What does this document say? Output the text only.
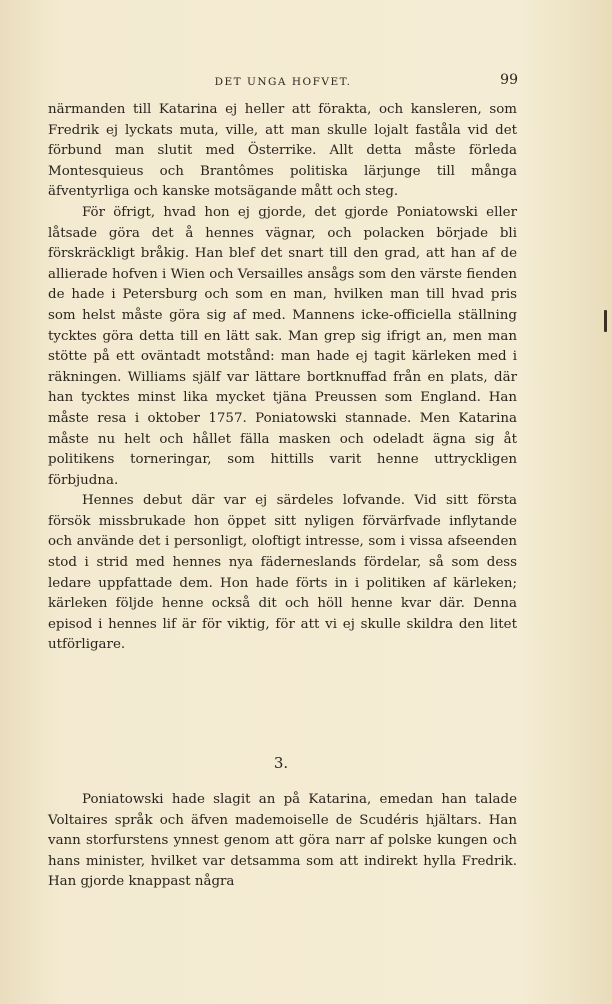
DET UNGA HOFVET.	99

närmanden till Katarina ej heller att förakta, och kansleren, som Fredrik ej lyckats muta, ville, att man skulle lojalt faståla vid det förbund man slutit med Österrike. Allt detta måste förleda Montesquieus och Brantômes politiska lärjunge till många äfventyrliga och kanske motsägande mått och steg.

För öfrigt, hvad hon ej gjorde, det gjorde Poniatowski eller låtsade göra det å hennes vägnar, och polacken började bli förskräckligt bråkig. Han blef det snart till den grad, att han af de allierade hofven i Wien och Versailles ansågs som den värste fienden de hade i Petersburg och som en man, hvilken man till hvad pris som helst måste göra sig af med. Mannens icke-officiella ställning tycktes göra detta till en lätt sak. Man grep sig ifrigt an, men man stötte på ett oväntadt motstånd: man hade ej tagit kärleken med i räkningen. Williams själf var lättare bortknuffad från en plats, där han tycktes minst lika mycket tjäna Preussen som England. Han måste resa i oktober 1757. Poniatowski stannade. Men Katarina måste nu helt och hållet fälla masken och odeladt ägna sig åt politikens torneringar, som hittills varit henne uttryckligen förbjudna.

Hennes debut där var ej särdeles lofvande. Vid sitt första försök missbrukade hon öppet sitt nyligen förvärfvade inflytande och använde det i personligt, oloftigt intresse, som i vissa afseenden stod i strid med hennes nya fäderneslands fördelar, så som dess ledare uppfattade dem. Hon hade förts in i politiken af kärleken; kärleken följde henne också dit och höll henne kvar där. Denna episod i hennes lif är för viktig, för att vi ej skulle skildra den litet utförligare.

3.

Poniatowski hade slagit an på Katarina, emedan han talade Voltaires språk och äfven mademoiselle de Scudéris hjältars. Han vann storfurstens ynnest genom att göra narr af polske kungen och hans minister, hvilket var detsamma som att indirekt hylla Fredrik. Han gjorde knappast några
